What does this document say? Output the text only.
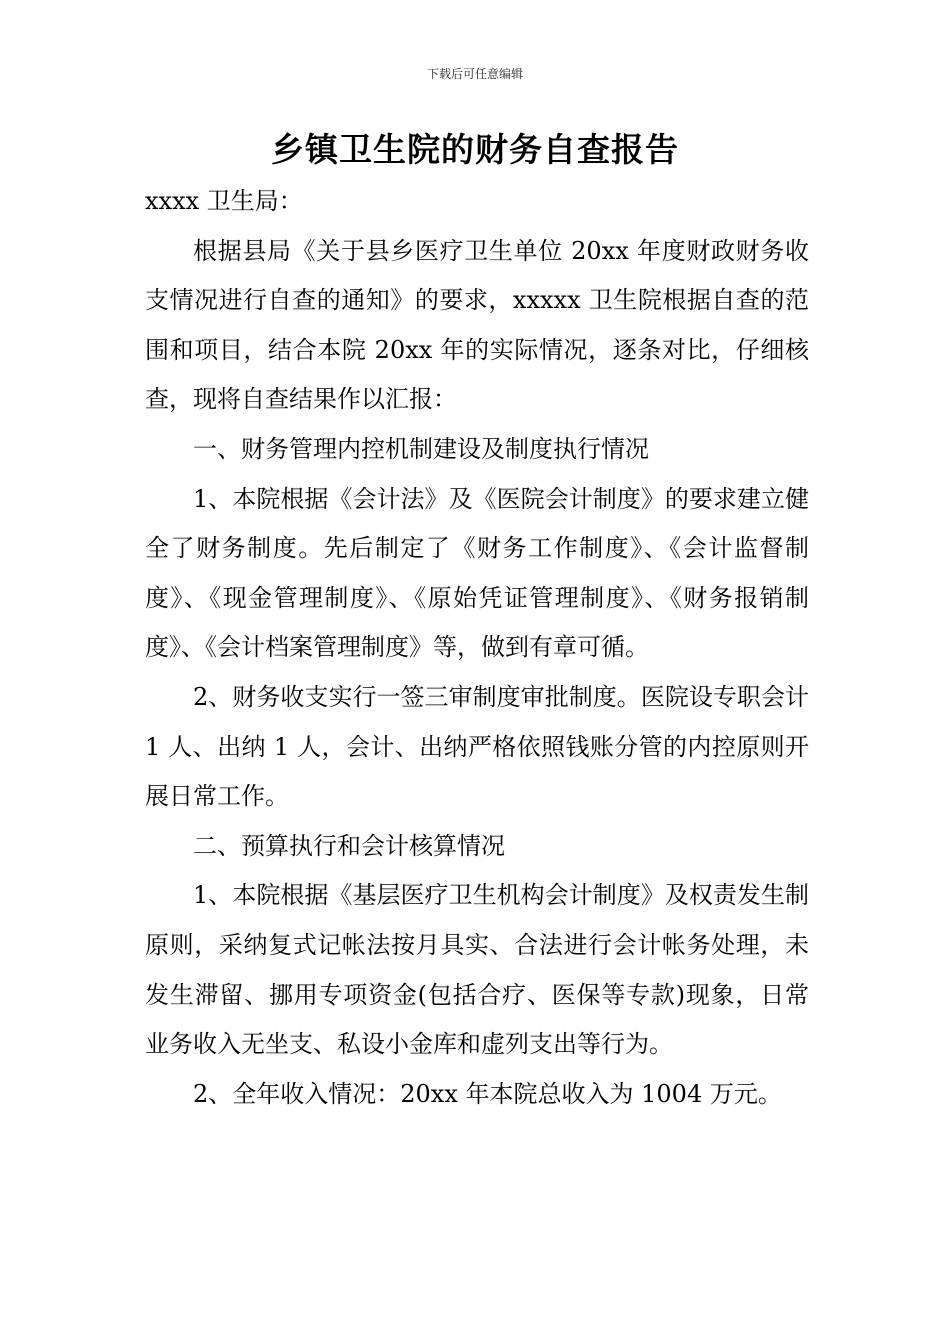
下载后可任意编辑
乡镇卫生院的财务自查报告

xxxx 卫生局：

根据县局《关于县乡医疗卫生单位 20xx 年度财政财务收支情况进行自查的通知》的要求，xxxxx 卫生院根据自查的范围和项目，结合本院 20xx 年的实际情况，逐条对比，仔细核查，现将自查结果作以汇报：

一、财务管理内控机制建设及制度执行情况

1、本院根据《会计法》及《医院会计制度》的要求建立健全了财务制度。先后制定了《财务工作制度》、《会计监督制度》、《现金管理制度》、《原始凭证管理制度》、《财务报销制度》、《会计档案管理制度》等，做到有章可循。

2、财务收支实行一签三审制度审批制度。医院设专职会计 1 人、出纳 1 人，会计、出纳严格依照钱账分管的内控原则开展日常工作。

二、预算执行和会计核算情况

1、本院根据《基层医疗卫生机构会计制度》及权责发生制原则，采纳复式记帐法按月具实、合法进行会计帐务处理，未发生滞留、挪用专项资金(包括合疗、医保等专款)现象，日常业务收入无坐支、私设小金库和虚列支出等行为。

2、全年收入情况：20xx 年本院总收入为 1004 万元。
